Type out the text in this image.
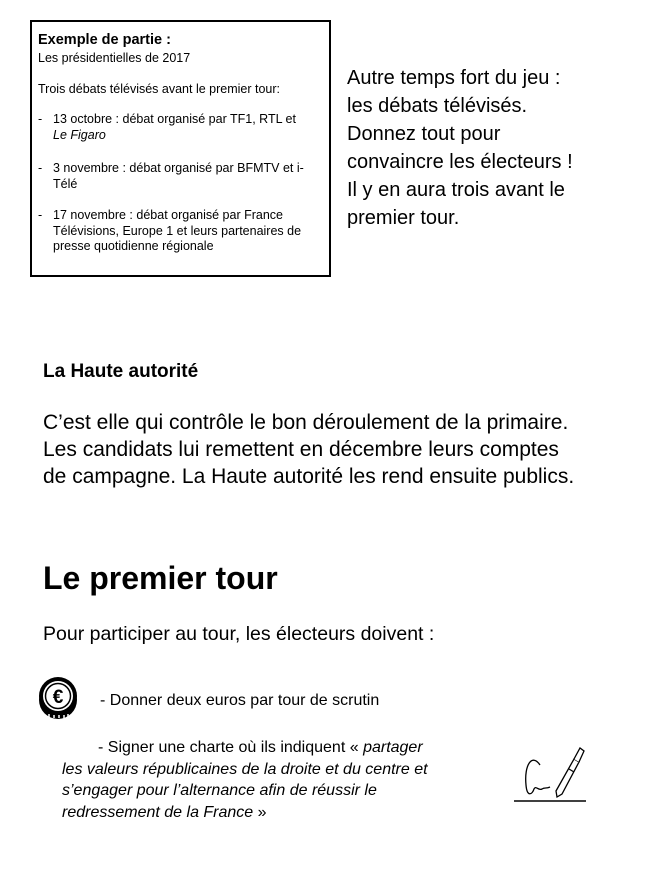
Exemple de partie :
Les présidentielles de 2017
Trois débats télévisés avant le premier tour:
- 13 octobre : débat organisé par TF1, RTL et
Le Figaro
- 3 novembre : débat organisé par BFMTV et i-
Télé
- 17 novembre : débat organisé par France
Télévisions, Europe 1 et leurs partenaires de
presse quotidienne régionale
Autre temps fort du jeu :
les débats télévisés.
Donnez tout pour
convaincre les électeurs !
Il y en aura trois avant le
premier tour.
La Haute autorité
C’est elle qui contrôle le bon déroulement de la primaire.
Les candidats lui remettent en décembre leurs comptes
de campagne. La Haute autorité les rend ensuite publics.
Le premier tour
Pour participer au tour, les électeurs doivent :
€ - Donner deux euros par tour de scrutin
- Signer une charte où ils indiquent « partager
les valeurs républicaines de la droite et du centre et
s’engager pour l’alternance afin de réussir le
redressement de la France »
